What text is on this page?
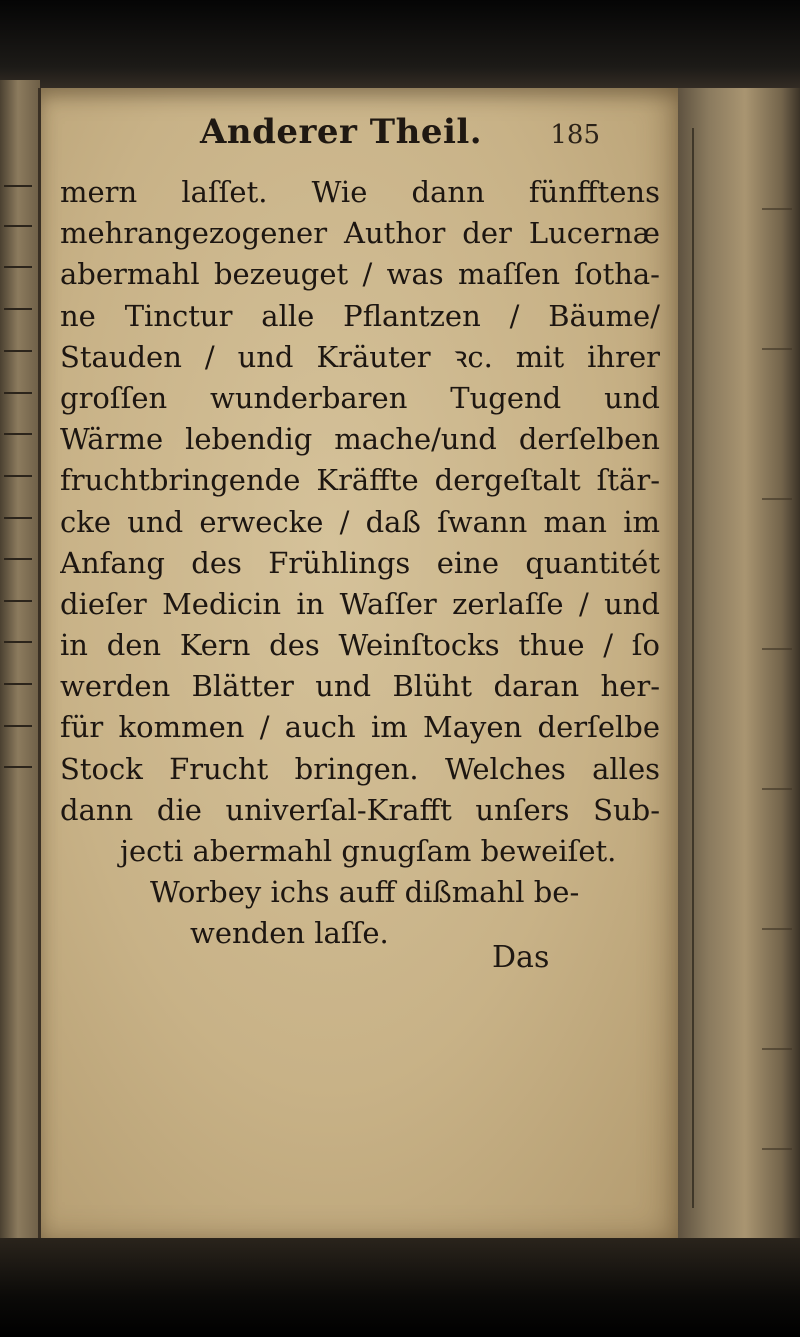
Anderer Theil.	185
mern laſſet. Wie dann fünfftens
mehrangezogener Author der Lucernæ
abermahl bezeuget / was maſſen ſotha-
ne Tinctur alle Pflantzen / Bäume/
Stauden / und Kräuter ꝛc. mit ihrer
groſſen wunderbaren Tugend und
Wärme lebendig mache/und derſelben
fruchtbringende Kräffte dergeſtalt ſtär-
cke und erwecke / daß ſwann man im
Anfang des Frühlings eine quantitét
dieſer Medicin in Waſſer zerlaſſe / und
in den Kern des Weinſtocks thue / ſo
werden Blätter und Blüht daran her-
für kommen / auch im Mayen derſelbe
Stock Frucht bringen. Welches alles
dann die univerſal-Krafft unſers Sub-
jecti abermahl gnugſam beweiſet.
Worbey ichs auff dißmahl be-
wenden laſſe.
Das
